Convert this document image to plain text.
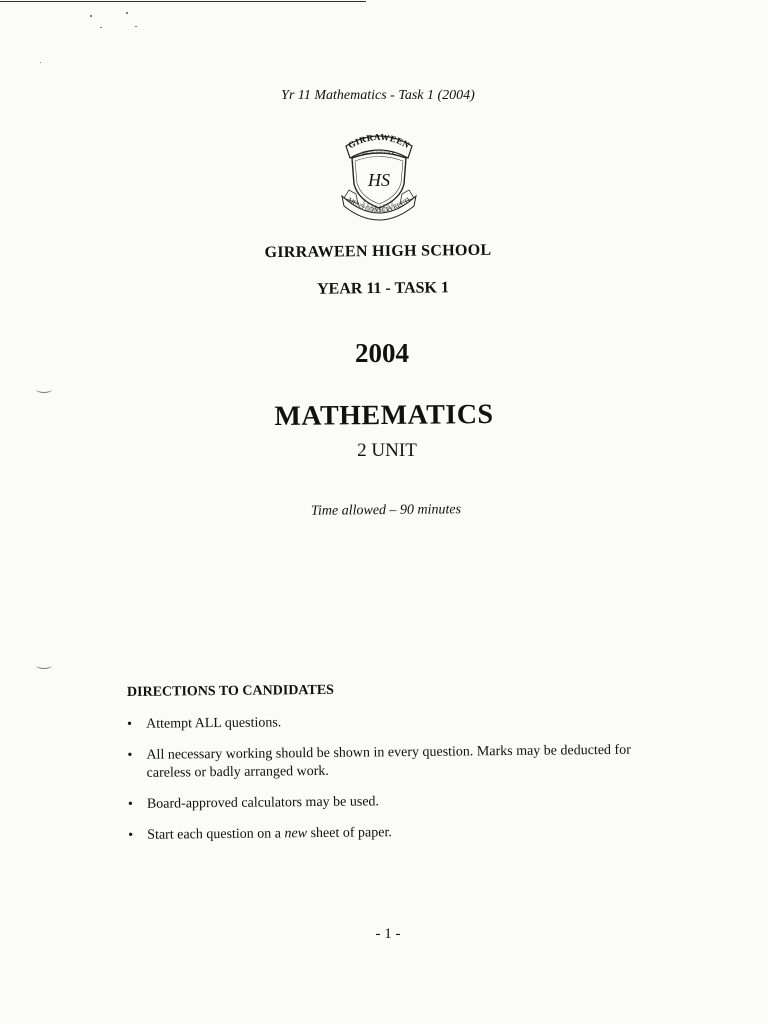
Yr 11 Mathematics - Task 1 (2004)
GIRRAWEEN
HS
MENS CONSCIA RECTI
GIRRAWEEN HIGH SCHOOL
YEAR 11 - TASK 1
2004
MATHEMATICS
2 UNIT
Time allowed – 90 minutes
DIRECTIONS TO CANDIDATES
• Attempt ALL questions.
• All necessary working should be shown in every question. Marks may be deducted for careless or badly arranged work.
• Board-approved calculators may be used.
• Start each question on a new sheet of paper.
- 1 -
